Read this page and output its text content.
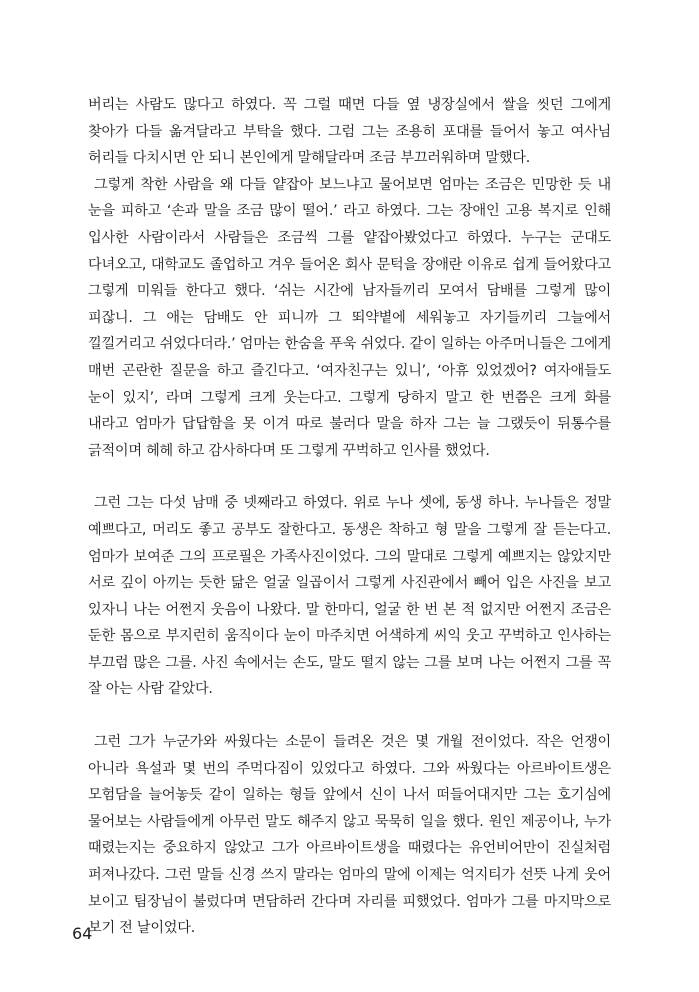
버리는 사람도 많다고 하였다. 꼭 그럴 때면 다들 옆 냉장실에서 쌀을 씻던 그에게 찾아가 다들 옮겨달라고 부탁을 했다. 그럼 그는 조용히 포대를 들어서 놓고 여사님 허리들 다치시면 안 되니 본인에게 말해달라며 조금 부끄러워하며 말했다.

그렇게 착한 사람을 왜 다들 얕잡아 보느냐고 물어보면 엄마는 조금은 민망한 듯 내 눈을 피하고 ‘손과 말을 조금 많이 떨어.’ 라고 하였다. 그는 장애인 고용 복지로 인해 입사한 사람이라서 사람들은 조금씩 그를 얕잡아봤었다고 하였다. 누구는 군대도 다녀오고, 대학교도 졸업하고 겨우 들어온 회사 문턱을 장애란 이유로 쉽게 들어왔다고 그렇게 미워들 한다고 했다. ‘쉬는 시간에 남자들끼리 모여서 담배를 그렇게 많이 피잖니. 그 애는 담배도 안 피니까 그 뙤약볕에 세워놓고 자기들끼리 그늘에서 낄낄거리고 쉬었다더라.’ 엄마는 한숨을 푸욱 쉬었다. 같이 일하는 아주머니들은 그에게 매번 곤란한 질문을 하고 즐긴다고. ‘여자친구는 있니’, ‘아휴 있었겠어? 여자애들도 눈이 있지’, 라며 그렇게 크게 웃는다고. 그렇게 당하지 말고 한 번쯤은 크게 화를 내라고 엄마가 답답함을 못 이겨 따로 불러다 말을 하자 그는 늘 그랬듯이 뒤통수를 긁적이며 헤헤 하고 감사하다며 또 그렇게 꾸벅하고 인사를 했었다.

그런 그는 다섯 남매 중 넷째라고 하였다. 위로 누나 셋에, 동생 하나. 누나들은 정말 예쁘다고, 머리도 좋고 공부도 잘한다고. 동생은 착하고 형 말을 그렇게 잘 듣는다고. 엄마가 보여준 그의 프로필은 가족사진이었다. 그의 말대로 그렇게 예쁘지는 않았지만 서로 깊이 아끼는 듯한 닮은 얼굴 일곱이서 그렇게 사진관에서 빼어 입은 사진을 보고 있자니 나는 어쩐지 웃음이 나왔다. 말 한마디, 얼굴 한 번 본 적 없지만 어쩐지 조금은 둔한 몸으로 부지런히 움직이다 눈이 마주치면 어색하게 씨익 웃고 꾸벅하고 인사하는 부끄럼 많은 그를. 사진 속에서는 손도, 말도 떨지 않는 그를 보며 나는 어쩐지 그를 꼭 잘 아는 사람 같았다.

그런 그가 누군가와 싸웠다는 소문이 들려온 것은 몇 개월 전이었다. 작은 언쟁이 아니라 욕설과 몇 번의 주먹다짐이 있었다고 하였다. 그와 싸웠다는 아르바이트생은 모험담을 늘어놓듯 같이 일하는 형들 앞에서 신이 나서 떠들어대지만 그는 호기심에 물어보는 사람들에게 아무런 말도 해주지 않고 묵묵히 일을 했다. 원인 제공이나, 누가 때렸는지는 중요하지 않았고 그가 아르바이트생을 때렸다는 유언비어만이 진실처럼 퍼져나갔다. 그런 말들 신경 쓰지 말라는 엄마의 말에 이제는 억지티가 선뜻 나게 웃어 보이고 팀장님이 불렀다며 면담하러 간다며 자리를 피했었다. 엄마가 그를 마지막으로 보기 전 날이었다.

64
